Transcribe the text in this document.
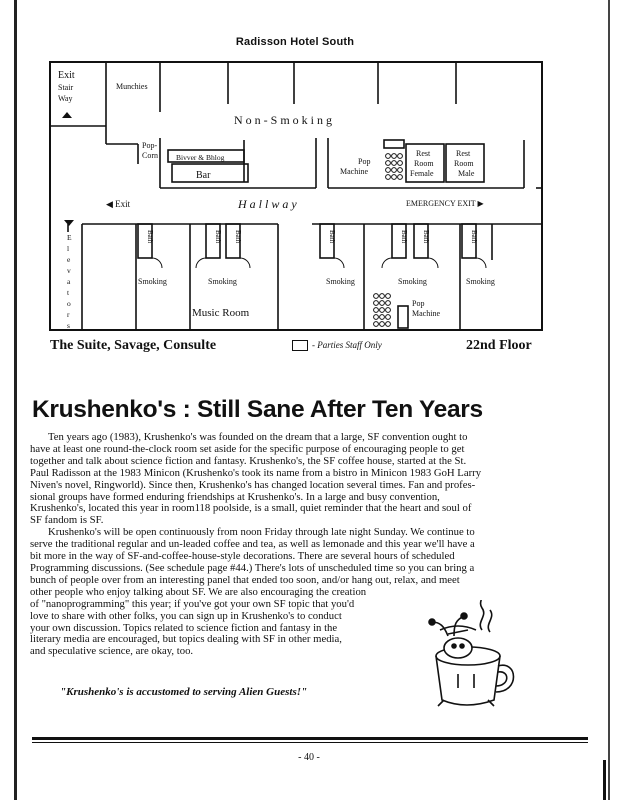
Radisson Hotel South
Exit
Stair
Way
Munchies
N o n - S m o k i n g
Pop-
Corn Bivver & Bhlog
Bar
Pop
Machine
Rest
Room
Female
Rest
Room
Male
◀ Exit	H a l l w a y	EMERGENCY EXIT ▶
E
l
e
v
a
t
o
r
s
Bath	Bath Bath	Bath	Bath Bath	Bath
Smoking	Smoking	Smoking	Smoking	Smoking
Music Room
Pop
Machine
The Suite, Savage, Consulte	- Parties Staff Only	22nd Floor
Krushenko's : Still Sane After Ten Years

Ten years ago (1983), Krushenko's was founded on the dream that a large, SF convention ought to
have at least one round-the-clock room set aside for the specific purpose of encouraging people to get
together and talk about science fiction and fantasy. Krushenko's, the SF coffee house, started at the St.
Paul Radisson at the 1983 Minicon (Krushenko's took its name from a bistro in Minicon 1983 GoH Larry
Niven's novel, Ringworld). Since then, Krushenko's has changed location several times. Fan and profes-
sional groups have formed enduring friendships at Krushenko's. In a large and busy convention,
Krushenko's, located this year in room118 poolside, is a small, quiet reminder that the heart and soul of
SF fandom is SF.

Krushenko's will be open continuously from noon Friday through late night Sunday. We continue to
serve the traditional regular and un-leaded coffee and tea, as well as lemonade and this year we'll have a
bit more in the way of SF-and-coffee-house-style decorations. There are several hours of scheduled
Programming discussions. (See schedule page #44.) There's lots of unscheduled time so you can bring a
bunch of people over from an interesting panel that ended too soon, and/or hang out, relax, and meet
other people who enjoy talking about SF. We are also encouraging the creation

of "nanoprogramming" this year; if you've got your own SF topic that you'd
love to share with other folks, you can sign up in Krushenko's to conduct
your own discussion. Topics related to science fiction and fantasy in the
literary media are encouraged, but topics dealing with SF in other media,
and speculative science, are okay, too.

"Krushenko's is accustomed to serving Alien Guests!"
- 40 -
